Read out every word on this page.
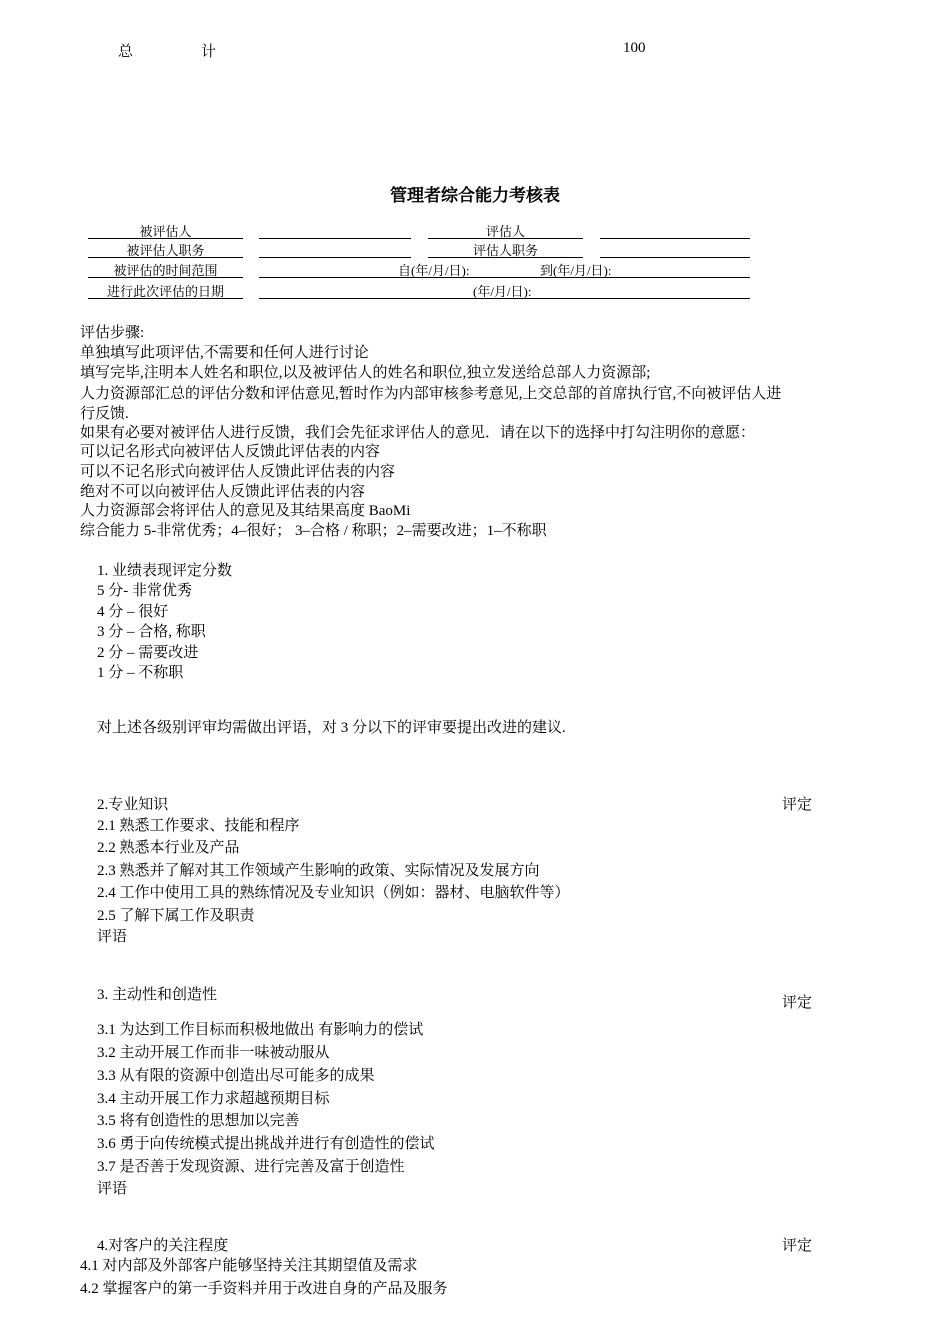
总	计	100
管理者综合能力考核表
被评估人	评估人
被评估人职务	评估人职务
被评估的时间范围	自(年/月/日):	到(年/月/日):
进行此次评估的日期	(年/月/日):
评估步骤:
单独填写此项评估,不需要和任何人进行讨论
填写完毕,注明本人姓名和职位,以及被评估人的姓名和职位,独立发送给总部人力资源部;
人力资源部汇总的评估分数和评估意见,暂时作为内部审核参考意见,上交总部的首席执行官,不向被评估人进
行反馈.
如果有必要对被评估人进行反馈，我们会先征求评估人的意见．请在以下的选择中打勾注明你的意愿：
可以记名形式向被评估人反馈此评估表的内容
可以不记名形式向被评估人反馈此评估表的内容
绝对不可以向被评估人反馈此评估表的内容
人力资源部会将评估人的意见及其结果高度 BaoMi
综合能力 5-非常优秀；4–很好； 3–合格 / 称职；2–需要改进；1–不称职
1. 业绩表现评定分数
5 分- 非常优秀
4 分 – 很好
3 分 – 合格, 称职
2 分 – 需要改进
1 分 – 不称职
对上述各级别评审均需做出评语，对 3 分以下的评审要提出改进的建议.
2.专业知识	评定
2.1 熟悉工作要求、技能和程序
2.2 熟悉本行业及产品
2.3 熟悉并了解对其工作领域产生影响的政策、实际情况及发展方向
2.4 工作中使用工具的熟练情况及专业知识（例如：器材、电脑软件等）
2.5 了解下属工作及职责
评语
3. 主动性和创造性	评定
3.1 为达到工作目标而积极地做出 有影响力的偿试
3.2 主动开展工作而非一味被动服从
3.3 从有限的资源中创造出尽可能多的成果
3.4 主动开展工作力求超越预期目标
3.5 将有创造性的思想加以完善
3.6 勇于向传统模式提出挑战并进行有创造性的偿试
3.7 是否善于发现资源、进行完善及富于创造性
评语
4.对客户的关注程度	评定
4.1 对内部及外部客户能够坚持关注其期望值及需求
4.2 掌握客户的第一手资料并用于改进自身的产品及服务
